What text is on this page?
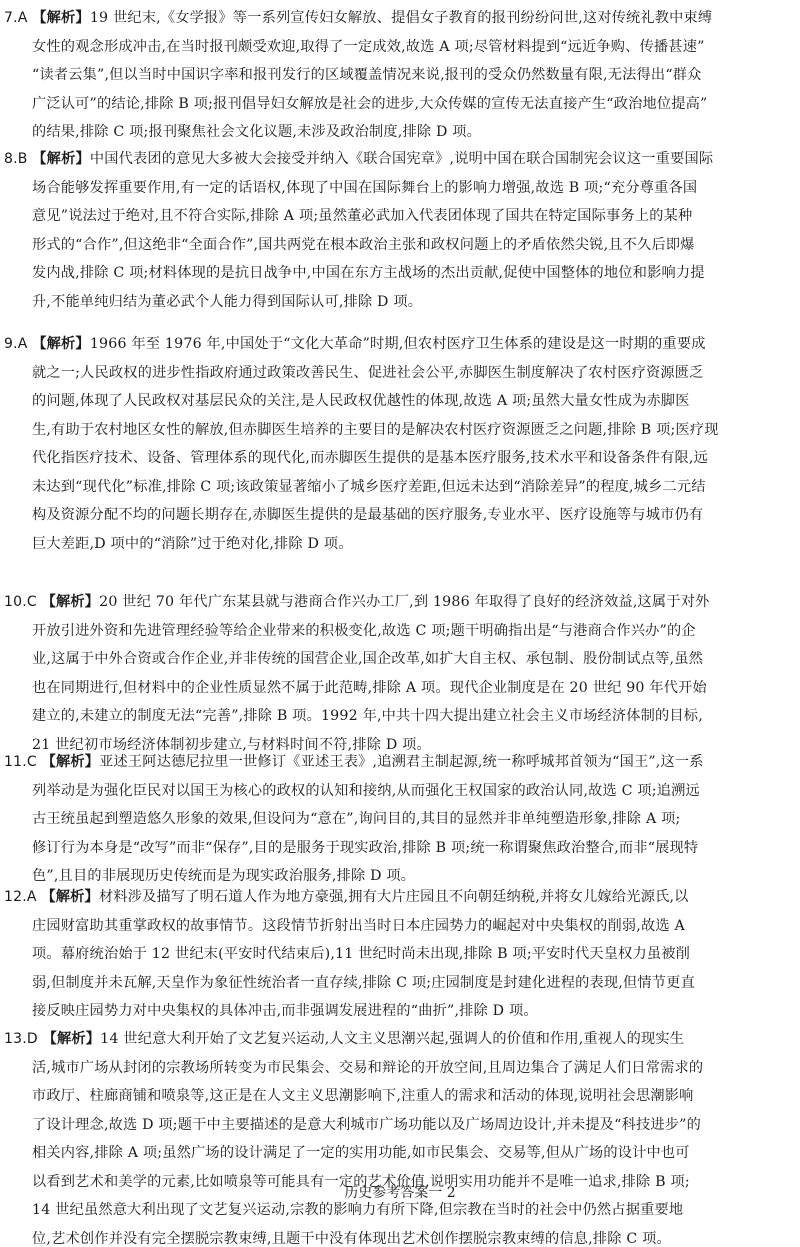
7.A 【解析】19 世纪末,《女学报》等一系列宣传妇女解放、提倡女子教育的报刊纷纷问世,这对传统礼教中束缚
女性的观念形成冲击,在当时报刊颇受欢迎,取得了一定成效,故选 A 项;尽管材料提到“远近争购、传播甚速”
“读者云集”,但以当时中国识字率和报刊发行的区域覆盖情况来说,报刊的受众仍然数量有限,无法得出“群众
广泛认可”的结论,排除 B 项;报刊倡导妇女解放是社会的进步,大众传媒的宣传无法直接产生“政治地位提高”
的结果,排除 C 项;报刊聚焦社会文化议题,未涉及政治制度,排除 D 项。
8.B 【解析】中国代表团的意见大多被大会接受并纳入《联合国宪章》,说明中国在联合国制宪会议这一重要国际
场合能够发挥重要作用,有一定的话语权,体现了中国在国际舞台上的影响力增强,故选 B 项;“充分尊重各国
意见”说法过于绝对,且不符合实际,排除 A 项;虽然董必武加入代表团体现了国共在特定国际事务上的某种
形式的“合作”,但这绝非“全面合作”,国共两党在根本政治主张和政权问题上的矛盾依然尖锐,且不久后即爆
发内战,排除 C 项;材料体现的是抗日战争中,中国在东方主战场的杰出贡献,促使中国整体的地位和影响力提
升,不能单纯归结为董必武个人能力得到国际认可,排除 D 项。
9.A 【解析】1966 年至 1976 年,中国处于“文化大革命”时期,但农村医疗卫生体系的建设是这一时期的重要成
就之一;人民政权的进步性指政府通过政策改善民生、促进社会公平,赤脚医生制度解决了农村医疗资源匮乏
的问题,体现了人民政权对基层民众的关注,是人民政权优越性的体现,故选 A 项;虽然大量女性成为赤脚医
生,有助于农村地区女性的解放,但赤脚医生培养的主要目的是解决农村医疗资源匮乏之问题,排除 B 项;医疗现
代化指医疗技术、设备、管理体系的现代化,而赤脚医生提供的是基本医疗服务,技术水平和设备条件有限,远
未达到“现代化”标准,排除 C 项;该政策显著缩小了城乡医疗差距,但远未达到“消除差异”的程度,城乡二元结
构及资源分配不均的问题长期存在,赤脚医生提供的是最基础的医疗服务,专业水平、医疗设施等与城市仍有
巨大差距,D 项中的“消除”过于绝对化,排除 D 项。
10.C 【解析】20 世纪 70 年代广东某县就与港商合作兴办工厂,到 1986 年取得了良好的经济效益,这属于对外
开放引进外资和先进管理经验等给企业带来的积极变化,故选 C 项;题干明确指出是“与港商合作兴办”的企
业,这属于中外合资或合作企业,并非传统的国营企业,国企改革,如扩大自主权、承包制、股份制试点等,虽然
也在同期进行,但材料中的企业性质显然不属于此范畴,排除 A 项。现代企业制度是在 20 世纪 90 年代开始
建立的,未建立的制度无法“完善”,排除 B 项。1992 年,中共十四大提出建立社会主义市场经济体制的目标,
21 世纪初市场经济体制初步建立,与材料时间不符,排除 D 项。
11.C 【解析】亚述王阿达德尼拉里一世修订《亚述王表》,追溯君主制起源,统一称呼城邦首领为“国王”,这一系
列举动是为强化臣民对以国王为核心的政权的认知和接纳,从而强化王权国家的政治认同,故选 C 项;追溯远
古王统虽起到塑造悠久形象的效果,但设问为“意在”,询问目的,其目的显然并非单纯塑造形象,排除 A 项;
修订行为本身是“改写”而非“保存”,目的是服务于现实政治,排除 B 项;统一称谓聚焦政治整合,而非“展现特
色”,且目的非展现历史传统而是为现实政治服务,排除 D 项。
12.A 【解析】材料涉及描写了明石道人作为地方豪强,拥有大片庄园且不向朝廷纳税,并将女儿嫁给光源氏,以
庄园财富助其重掌政权的故事情节。这段情节折射出当时日本庄园势力的崛起对中央集权的削弱,故选 A
项。幕府统治始于 12 世纪末(平安时代结束后),11 世纪时尚未出现,排除 B 项;平安时代天皇权力虽被削
弱,但制度并未瓦解,天皇作为象征性统治者一直存续,排除 C 项;庄园制度是封建化进程的表现,但情节更直
接反映庄园势力对中央集权的具体冲击,而非强调发展进程的“曲折”,排除 D 项。
13.D 【解析】14 世纪意大利开始了文艺复兴运动,人文主义思潮兴起,强调人的价值和作用,重视人的现实生
活,城市广场从封闭的宗教场所转变为市民集会、交易和辩论的开放空间,且周边集合了满足人们日常需求的
市政厅、柱廊商铺和喷泉等,这正是在人文主义思潮影响下,注重人的需求和活动的体现,说明社会思潮影响
了设计理念,故选 D 项;题干中主要描述的是意大利城市广场功能以及广场周边设计,并未提及“科技进步”的
相关内容,排除 A 项;虽然广场的设计满足了一定的实用功能,如市民集会、交易等,但从广场的设计中也可
以看到艺术和美学的元素,比如喷泉等可能具有一定的艺术价值,说明实用功能并不是唯一追求,排除 B 项;
14 世纪虽然意大利出现了文艺复兴运动,宗教的影响力有所下降,但宗教在当时的社会中仍然占据重要地
位,艺术创作并没有完全摆脱宗教束缚,且题干中没有体现出艺术创作摆脱宗教束缚的信息,排除 C 项。
历史参考答案一 2
